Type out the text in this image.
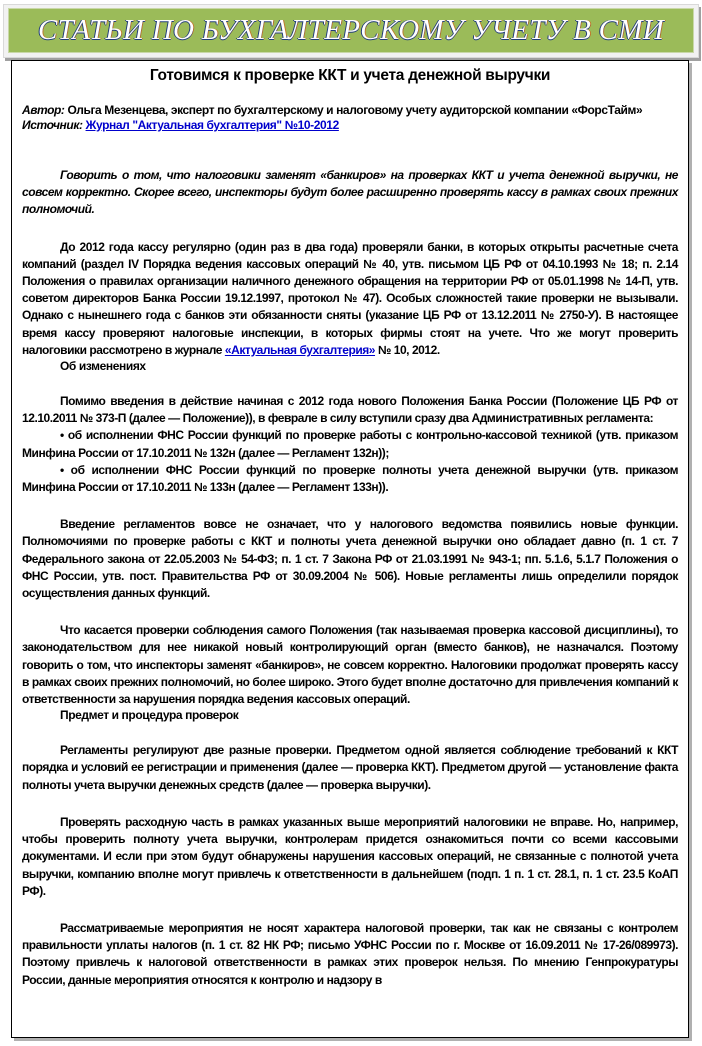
СТАТЬИ ПО БУХГАЛТЕРСКОМУ УЧЕТУ В СМИ
Готовимся к проверке ККТ и учета денежной выручки
Автор: Ольга Мезенцева, эксперт по бухгалтерскому и налоговому учету аудиторской компании «ФорсТайм»
Источник: Журнал "Актуальная бухгалтерия" №10-2012

Говорить о том, что налоговики заменят «банкиров» на проверках ККТ и учета денежной выручки, не совсем корректно. Скорее всего, инспекторы будут более расширенно проверять кассу в рамках своих прежних полномочий.

До 2012 года кассу регулярно (один раз в два года) проверяли банки, в которых открыты расчетные счета компаний (раздел IV Порядка ведения кассовых операций № 40, утв. письмом ЦБ РФ от 04.10.1993 № 18; п. 2.14 Положения о правилах организации наличного денежного обращения на территории РФ от 05.01.1998 № 14-П, утв. советом директоров Банка России 19.12.1997, протокол № 47). Особых сложностей такие проверки не вызывали. Однако с нынешнего года с банков эти обязанности сняты (указание ЦБ РФ от 13.12.2011 № 2750-У). В настоящее время кассу проверяют налоговые инспекции, в которых фирмы стоят на учете. Что же могут проверить налоговики рассмотрено в журнале «Актуальная бухгалтерия» № 10, 2012.

Об изменениях

Помимо введения в действие начиная с 2012 года нового Положения Банка России (Положение ЦБ РФ от 12.10.2011 № 373-П (далее — Положение)), в феврале в силу вступили сразу два Административных регламента:

• об исполнении ФНС России функций по проверке работы с контрольно-кассовой техникой (утв. приказом Минфина России от 17.10.2011 № 132н (далее — Регламент 132н));

• об исполнении ФНС России функций по проверке полноты учета денежной выручки (утв. приказом Минфина России от 17.10.2011 № 133н (далее — Регламент 133н)).

Введение регламентов вовсе не означает, что у налогового ведомства появились новые функции. Полномочиями по проверке работы с ККТ и полноты учета денежной выручки оно обладает давно (п. 1 ст. 7 Федерального закона от 22.05.2003 № 54-ФЗ; п. 1 ст. 7 Закона РФ от 21.03.1991 № 943-1; пп. 5.1.6, 5.1.7 Положения о ФНС России, утв. пост. Правительства РФ от 30.09.2004 № 506). Новые регламенты лишь определили порядок осуществления данных функций.

Что касается проверки соблюдения самого Положения (так называемая проверка кассовой дисциплины), то законодательством для нее никакой новый контролирующий орган (вместо банков), не назначался. Поэтому говорить о том, что инспекторы заменят «банкиров», не совсем корректно. Налоговики продолжат проверять кассу в рамках своих прежних полномочий, но более широко. Этого будет вполне достаточно для привлечения компаний к ответственности за нарушения порядка ведения кассовых операций.

Предмет и процедура проверок

Регламенты регулируют две разные проверки. Предметом одной является соблюдение требований к ККТ порядка и условий ее регистрации и применения (далее — проверка ККТ). Предметом другой — установление факта полноты учета выручки денежных средств (далее — проверка выручки).

Проверять расходную часть в рамках указанных выше мероприятий налоговики не вправе. Но, например, чтобы проверить полноту учета выручки, контролерам придется ознакомиться почти со всеми кассовыми документами. И если при этом будут обнаружены нарушения кассовых операций, не связанные с полнотой учета выручки, компанию вполне могут привлечь к ответственности в дальнейшем (подп. 1 п. 1 ст. 28.1, п. 1 ст. 23.5 КоАП РФ).

Рассматриваемые мероприятия не носят характера налоговой проверки, так как не связаны с контролем правильности уплаты налогов (п. 1 ст. 82 НК РФ; письмо УФНС России по г. Москве от 16.09.2011 № 17-26/089973). Поэтому привлечь к налоговой ответственности в рамках этих проверок нельзя. По мнению Генпрокуратуры России, данные мероприятия относятся к контролю и надзору в
